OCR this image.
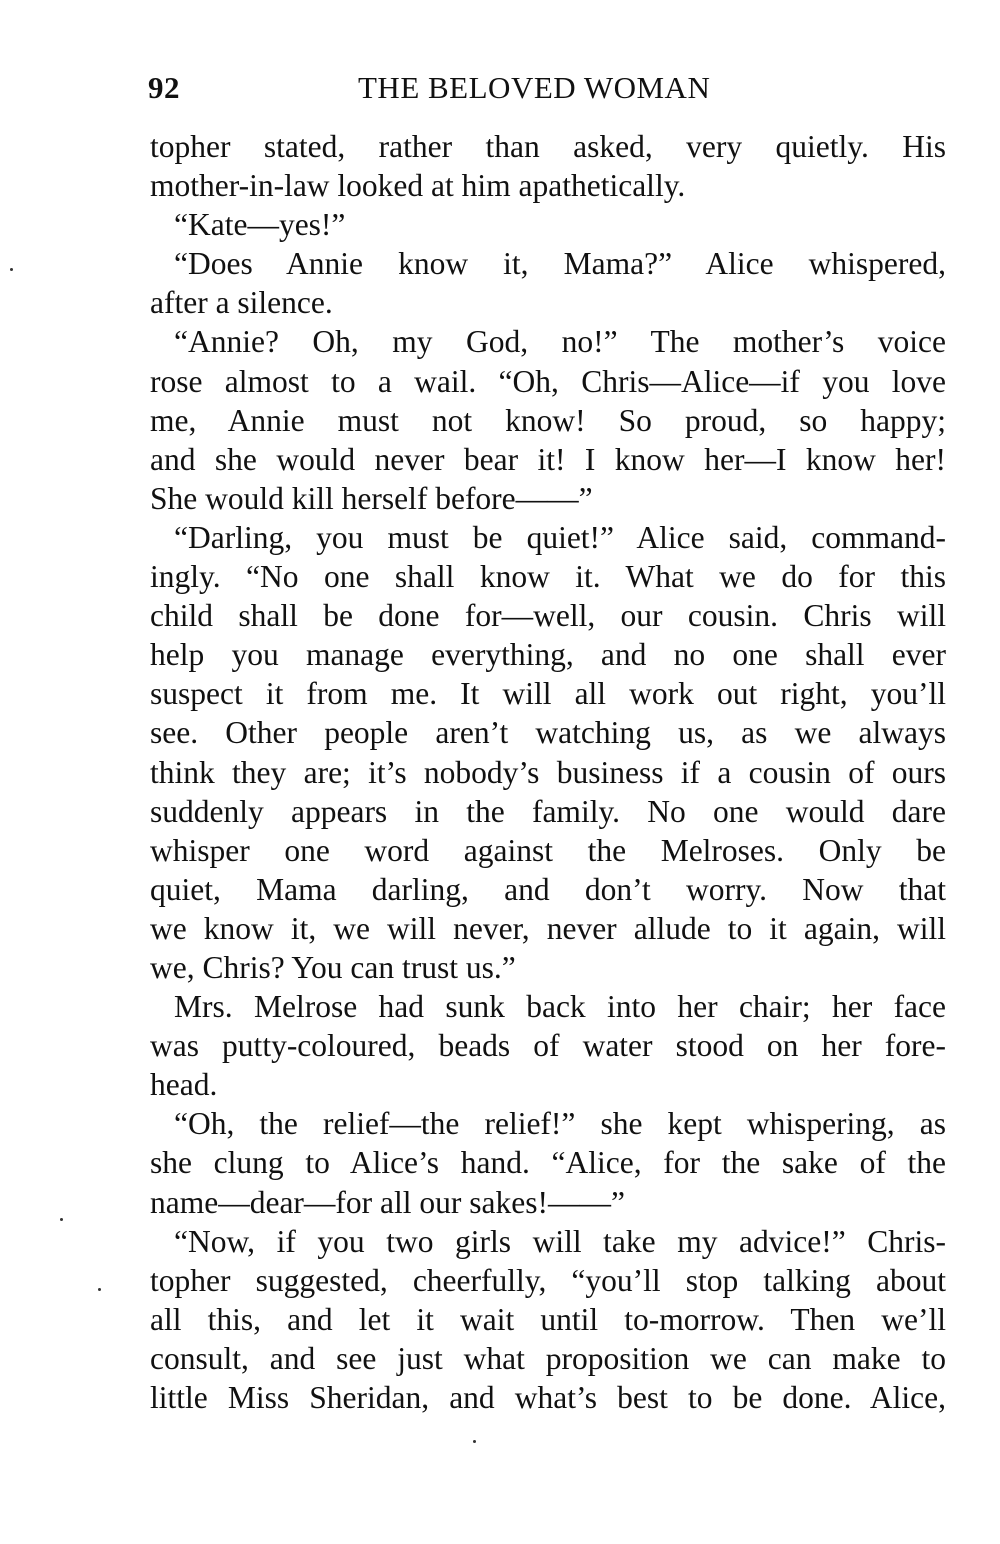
92	THE BELOVED WOMAN
topher stated, rather than asked, very quietly. His
mother-in-law looked at him apathetically.
“Kate—yes!”
“Does Annie know it, Mama?” Alice whispered,
after a silence.
“Annie? Oh, my God, no!” The mother’s voice
rose almost to a wail. “Oh, Chris—Alice—if you love
me, Annie must not know! So proud, so happy;
and she would never bear it! I know her—I know her!
She would kill herself before——”
“Darling, you must be quiet!” Alice said, command-
ingly. “No one shall know it. What we do for this
child shall be done for—well, our cousin. Chris will
help you manage everything, and no one shall ever
suspect it from me. It will all work out right, you’ll
see. Other people aren’t watching us, as we always
think they are; it’s nobody’s business if a cousin of ours
suddenly appears in the family. No one would dare
whisper one word against the Melroses. Only be
quiet, Mama darling, and don’t worry. Now that
we know it, we will never, never allude to it again, will
we, Chris? You can trust us.”
Mrs. Melrose had sunk back into her chair; her face
was putty-coloured, beads of water stood on her fore-
head.
“Oh, the relief—the relief!” she kept whispering, as
she clung to Alice’s hand. “Alice, for the sake of the
name—dear—for all our sakes!——”
“Now, if you two girls will take my advice!” Chris-
topher suggested, cheerfully, “you’ll stop talking about
all this, and let it wait until to-morrow. Then we’ll
consult, and see just what proposition we can make to
little Miss Sheridan, and what’s best to be done. Alice,
